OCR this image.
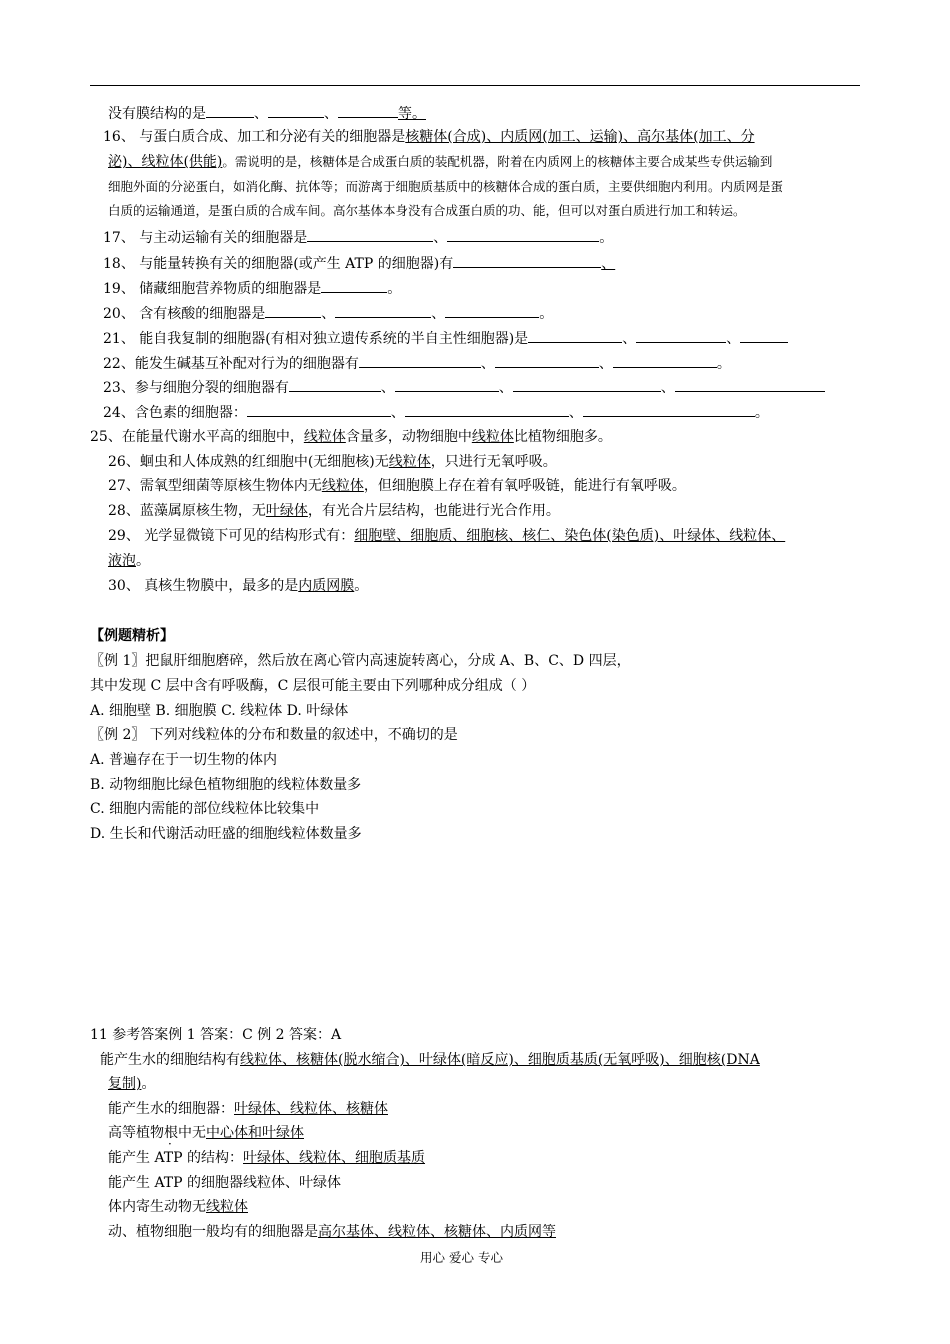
没有膜结构的是	、	、	等。
16、 与蛋白质合成、加工和分泌有关的细胞器是核糖体(合成)、内质网(加工、运输)、高尔基体(加工、分
泌)、线粒体(供能)。需说明的是，核糖体是合成蛋白质的装配机器，附着在内质网上的核糖体主要合成某些专供运输到
细胞外面的分泌蛋白，如消化酶、抗体等；而游离于细胞质基质中的核糖体合成的蛋白质，主要供细胞内利用。内质网是蛋
白质的运输通道，是蛋白质的合成车间。高尔基体本身没有合成蛋白质的功、能，但可以对蛋白质进行加工和转运。
17、 与主动运输有关的细胞器是	、	。
18、 与能量转换有关的细胞器(或产生 ATP 的细胞器)有	、
19、 储藏细胞营养物质的细胞器是	。
20、 含有核酸的细胞器是	、	、	。
21、 能自我复制的细胞器(有相对独立遗传系统的半自主性细胞器)是	、	、
22、能发生碱基互补配对行为的细胞器有	、	、	。
23、参与细胞分裂的细胞器有	、	、	、
24、含色素的细胞器：	、	、	。
25、在能量代谢水平高的细胞中，线粒体含量多，动物细胞中线粒体比植物细胞多。
26、蛔虫和人体成熟的红细胞中(无细胞核)无线粒体，只进行无氧呼吸。
27、需氧型细菌等原核生物体内无线粒体，但细胞膜上存在着有氧呼吸链，能进行有氧呼吸。
28、蓝藻属原核生物，无叶绿体，有光合片层结构，也能进行光合作用。
29、 光学显微镜下可见的结构形式有：细胞壁、细胞质、细胞核、核仁、染色体(染色质)、叶绿体、线粒体、
液泡。
30、 真核生物膜中，最多的是内质网膜。
【例题精析】
〖例 1〗把鼠肝细胞磨碎，然后放在离心管内高速旋转离心，分成 A、B、C、D 四层，
其中发现 C 层中含有呼吸酶，C 层很可能主要由下列哪种成分组成（ ）
A. 细胞壁 B. 细胞膜 C. 线粒体 D. 叶绿体
〖例 2〗 下列对线粒体的分布和数量的叙述中，不确切的是
A. 普遍存在于一切生物的体内
B. 动物细胞比绿色植物细胞的线粒体数量多
C. 细胞内需能的部位线粒体比较集中
D. 生长和代谢活动旺盛的细胞线粒体数量多
11 参考答案例 1 答案：C 例 2 答案：A
能产生水的细胞结构有线粒体、核糖体(脱水缩合)、叶绿体(暗反应)、细胞质基质(无氧呼吸)、细胞核(DNA
复制)。
能产生水的细胞器：叶绿体、线粒体、核糖体
高等植物根中无中心体和叶绿体
能产生 ATP 的结构：叶绿体、线粒体、细胞质基质
能产生 ATP 的细胞器线粒体、叶绿体
体内寄生动物无线粒体
动、植物细胞一般均有的细胞器是高尔基体、线粒体、核糖体、内质网等
用心 爱心 专心
